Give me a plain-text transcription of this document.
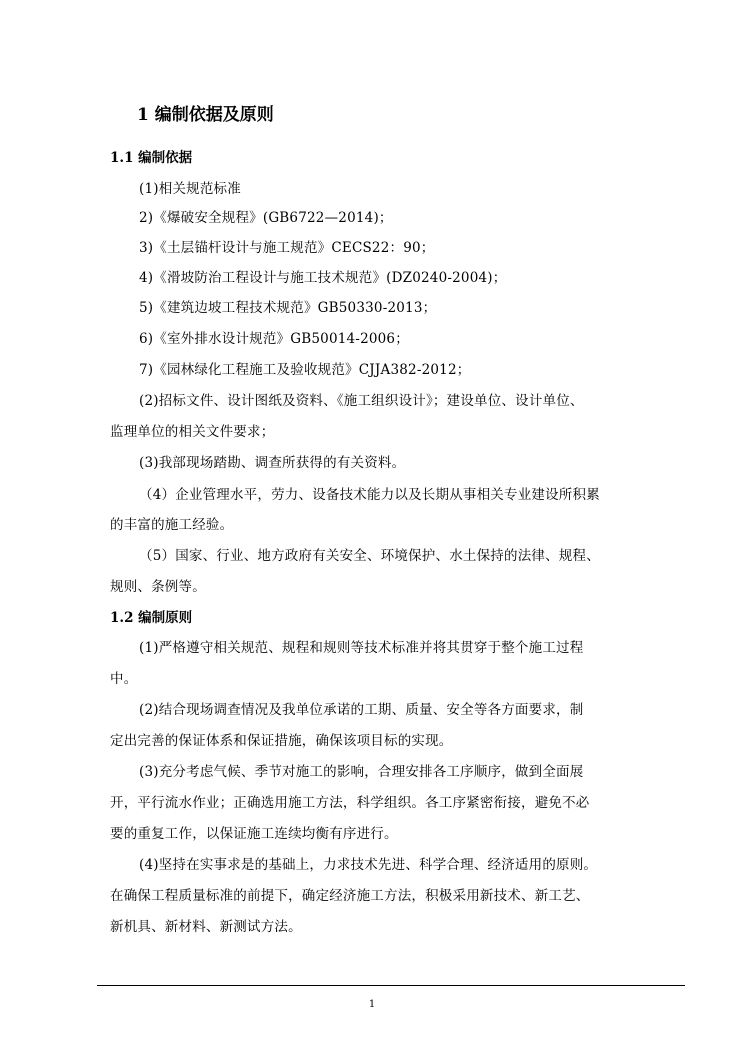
1 编制依据及原则
1.1 编制依据
(1)相关规范标准
2)《爆破安全规程》(GB6722—2014)；
3)《土层锚杆设计与施工规范》CECS22：90；
4)《滑坡防治工程设计与施工技术规范》(DZ0240-2004)；
5)《建筑边坡工程技术规范》GB50330-2013；
6)《室外排水设计规范》GB50014-2006；
7)《园林绿化工程施工及验收规范》CJJA382-2012；
(2)招标文件、设计图纸及资料、《施工组织设计》；建设单位、设计单位、
监理单位的相关文件要求；
(3)我部现场踏勘、调查所获得的有关资料。
（4）企业管理水平，劳力、设备技术能力以及长期从事相关专业建设所积累
的丰富的施工经验。
（5）国家、行业、地方政府有关安全、环境保护、水土保持的法律、规程、
规则、条例等。
1.2 编制原则
(1)严格遵守相关规范、规程和规则等技术标准并将其贯穿于整个施工过程
中。
(2)结合现场调查情况及我单位承诺的工期、质量、安全等各方面要求，制
定出完善的保证体系和保证措施，确保该项目标的实现。
(3)充分考虑气候、季节对施工的影响，合理安排各工序顺序，做到全面展
开，平行流水作业；正确选用施工方法，科学组织。各工序紧密衔接，避免不必
要的重复工作，以保证施工连续均衡有序进行。
(4)坚持在实事求是的基础上，力求技术先进、科学合理、经济适用的原则。
在确保工程质量标准的前提下，确定经济施工方法，积极采用新技术、新工艺、
新机具、新材料、新测试方法。
1
